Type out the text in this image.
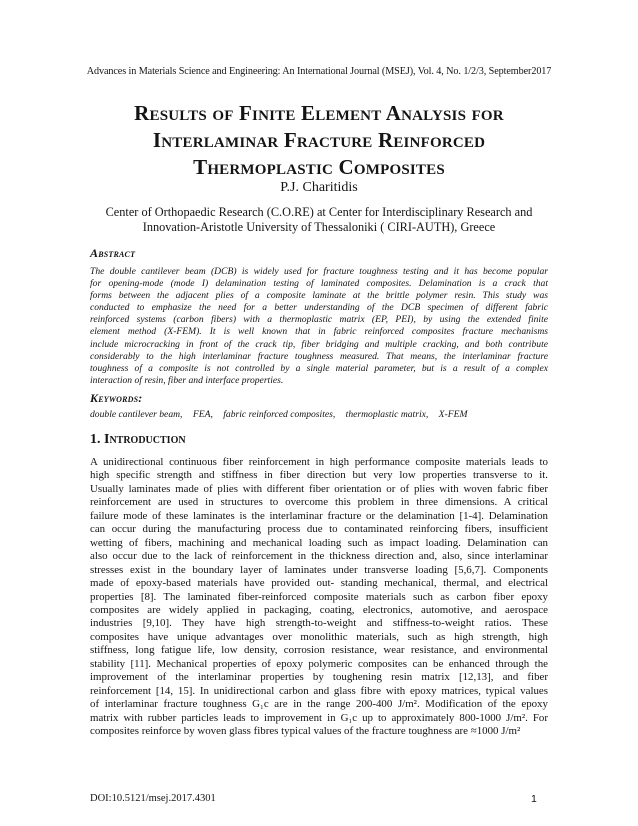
Advances in Materials Science and Engineering: An International Journal (MSEJ), Vol. 4, No. 1/2/3, September2017
Results of Finite Element Analysis for
Interlaminar Fracture Reinforced
Thermoplastic Composites
P.J. Charitidis
Center of Orthopaedic Research (C.O.RE) at Center for Interdisciplinary Research and
Innovation-Aristotle University of Thessaloniki ( CIRI-AUTH), Greece
Abstract
The double cantilever beam (DCB) is widely used for fracture toughness testing and it has become popular
for opening-mode (mode I) delamination testing of laminated composites. Delamination is a crack that
forms between the adjacent plies of a composite laminate at the brittle polymer resin. This study was
conducted to emphasize the need for a better understanding of the DCB specimen of different fabric
reinforced systems (carbon fibers) with a thermoplastic matrix (EP, PEI), by using the extended finite
element method (X-FEM). It is well known that in fabric reinforced composites fracture mechanisms
include microcracking in front of the crack tip, fiber bridging and multiple cracking, and both contribute
considerably to the high interlaminar fracture toughness measured. That means, the interlaminar fracture
toughness of a composite is not controlled by a single material parameter, but is a result of a complex
interaction of resin, fiber and interface properties.
Keywords:
double cantilever beam, FEA, fabric reinforced composites, thermoplastic matrix, X-FEM
1. Introduction
A unidirectional continuous fiber reinforcement in high performance composite materials leads to
high specific strength and stiffness in fiber direction but very low properties transverse to it.
Usually laminates made of plies with different fiber orientation or of plies with woven fabric fiber
reinforcement are used in structures to overcome this problem in three dimensions. A critical
failure mode of these laminates is the interlaminar fracture or the delamination [1-4]. Delamination
can occur during the manufacturing process due to contaminated reinforcing fibers, insufficient
wetting of fibers, machining and mechanical loading such as impact loading. Delamination can
also occur due to the lack of reinforcement in the thickness direction and, also, since interlaminar
stresses exist in the boundary layer of laminates under transverse loading [5,6,7]. Components
made of epoxy-based materials have provided out- standing mechanical, thermal, and electrical
properties [8]. The laminated fiber-reinforced composite materials such as carbon fiber epoxy
composites are widely applied in packaging, coating, electronics, automotive, and aerospace
industries [9,10]. They have high strength-to-weight and stiffness-to-weight ratios. These
composites have unique advantages over monolithic materials, such as high strength, high
stiffness, long fatigue life, low density, corrosion resistance, wear resistance, and environmental
stability [11]. Mechanical properties of epoxy polymeric composites can be enhanced through the
improvement of the interlaminar properties by toughening resin matrix [12,13], and fiber
reinforcement [14, 15]. In unidirectional carbon and glass fibre with epoxy matrices, typical values
of interlaminar fracture toughness G₁c are in the range 200-400 J/m². Modification of the epoxy
matrix with rubber particles leads to improvement in G₁c up to approximately 800-1000 J/m². For
composites reinforce by woven glass fibres typical values of the fracture toughness are ≈1000 J/m²
DOI:10.5121/msej.2017.4301	1
